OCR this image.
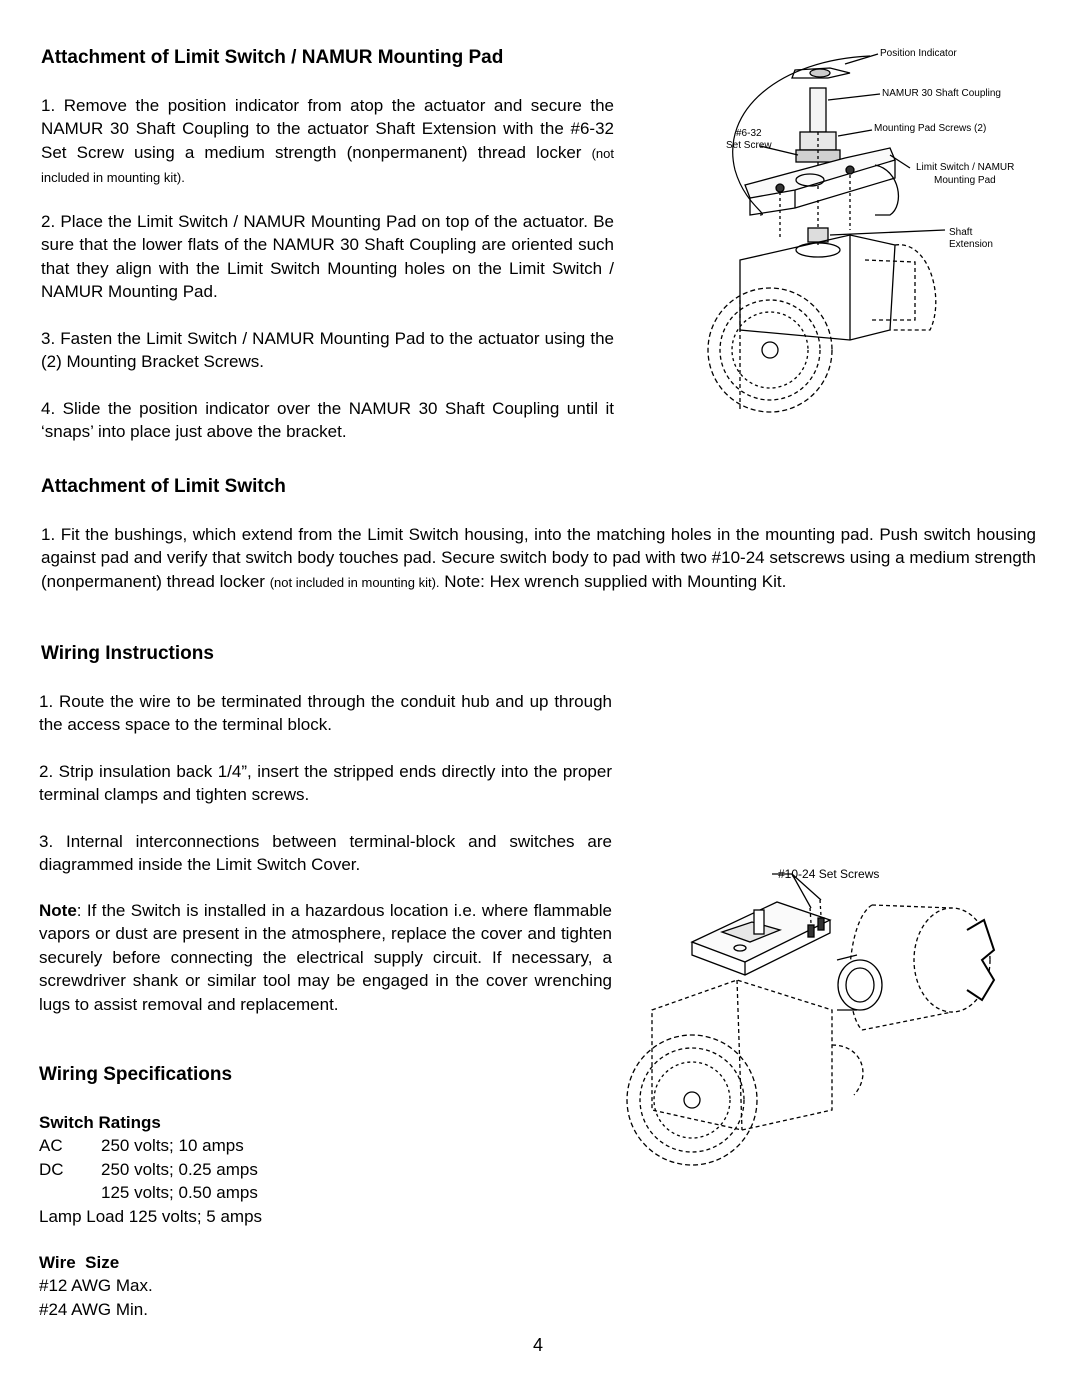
Attachment of Limit Switch / NAMUR Mounting Pad

1. Remove the position indicator from atop the actuator and secure the NAMUR 30 Shaft Coupling to the actuator Shaft Extension with the #6-32 Set Screw using a medium strength (nonpermanent) thread locker (not included in mounting kit).

2. Place the Limit Switch / NAMUR Mounting Pad on top of the actuator. Be sure that the lower flats of the NAMUR 30 Shaft Coupling are oriented such that they align with the Limit Switch Mounting holes on the Limit Switch / NAMUR Mounting Pad.

3. Fasten the Limit Switch / NAMUR Mounting Pad to the actuator using the (2) Mounting Bracket Screws.

4. Slide the position indicator over the NAMUR 30 Shaft Coupling until it ‘snaps’ into place just above the bracket.

Position Indicator
NAMUR 30 Shaft Coupling
#6-32
Set Screw
Mounting Pad Screws (2)
Limit Switch / NAMUR
Mounting Pad
Shaft
Extension
Attachment of Limit Switch

1. Fit the bushings, which extend from the Limit Switch housing, into the matching holes in the mounting pad. Push switch housing against pad and verify that switch body touches pad. Secure switch body to pad with two #10-24 setscrews using a medium strength (nonpermanent) thread locker (not included in mounting kit). Note: Hex wrench supplied with Mounting Kit.

Wiring Instructions

1. Route the wire to be terminated through the conduit hub and up through the access space to the terminal block.

2. Strip insulation back 1/4”, insert the stripped ends directly into the proper terminal clamps and tighten screws.

3. Internal interconnections between terminal-block and switches are diagrammed inside the Limit Switch Cover.

Note: If the Switch is installed in a hazardous location i.e. where flammable vapors or dust are present in the atmosphere, replace the cover and tighten securely before connecting the electrical supply circuit. If necessary, a screwdriver shank or similar tool may be engaged in the cover wrenching lugs to assist removal and replacement.

#10-24 Set Screws
Wiring Specifications
Switch Ratings
AC	250 volts; 10 amps
DC	250 volts; 0.25 amps
125 volts; 0.50 amps
Lamp Load 125 volts; 5 amps
Wire  Size
#12 AWG Max.
#24 AWG Min.
4
